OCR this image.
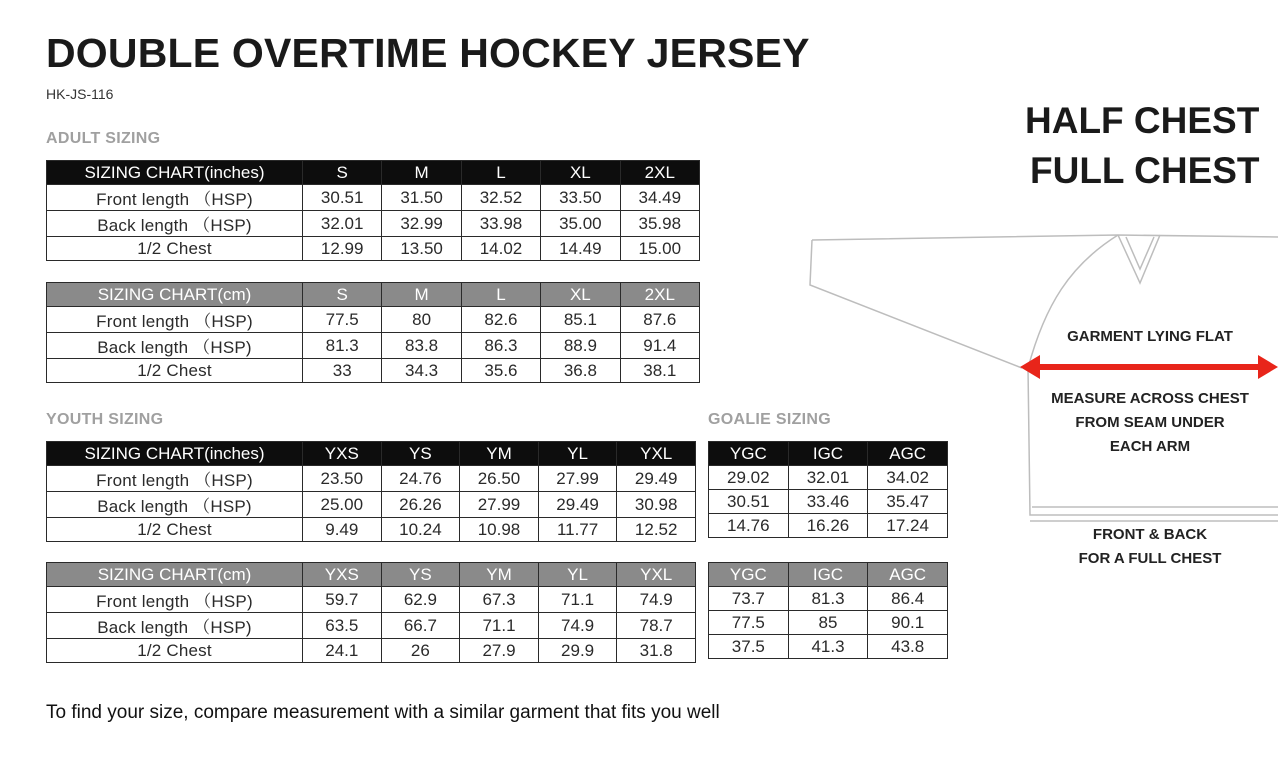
DOUBLE OVERTIME HOCKEY JERSEY
HK-JS-116
ADULT SIZING
YOUTH SIZING	GOALIE SIZING
SIZING CHART(inches)	S	M	L	XL	2XL
Front length （HSP)	30.51	31.50	32.52	33.50	34.49
Back length （HSP)	32.01	32.99	33.98	35.00	35.98
1/2 Chest	12.99	13.50	14.02	14.49	15.00
SIZING CHART(cm)	S	M	L	XL	2XL
Front length （HSP)	77.5	80	82.6	85.1	87.6
Back length （HSP)	81.3	83.8	86.3	88.9	91.4
1/2 Chest	33	34.3	35.6	36.8	38.1
SIZING CHART(inches)	YXS	YS	YM	YL	YXL
Front length （HSP)	23.50	24.76	26.50	27.99	29.49
Back length （HSP)	25.00	26.26	27.99	29.49	30.98
1/2 Chest	9.49	10.24	10.98	11.77	12.52
SIZING CHART(cm)	YXS	YS	YM	YL	YXL
Front length （HSP)	59.7	62.9	67.3	71.1	74.9
Back length （HSP)	63.5	66.7	71.1	74.9	78.7
1/2 Chest	24.1	26	27.9	29.9	31.8
YGC	IGC	AGC
29.02	32.01	34.02
30.51	33.46	35.47
14.76	16.26	17.24
YGC	IGC	AGC
73.7	81.3	86.4
77.5	85	90.1
37.5	41.3	43.8
HALF CHEST
FULL CHEST
GARMENT LYING FLAT
MEASURE ACROSS CHEST
FROM SEAM UNDER
EACH ARM
FRONT & BACK
FOR A FULL CHEST
To find your size, compare measurement with a similar garment that fits you well
